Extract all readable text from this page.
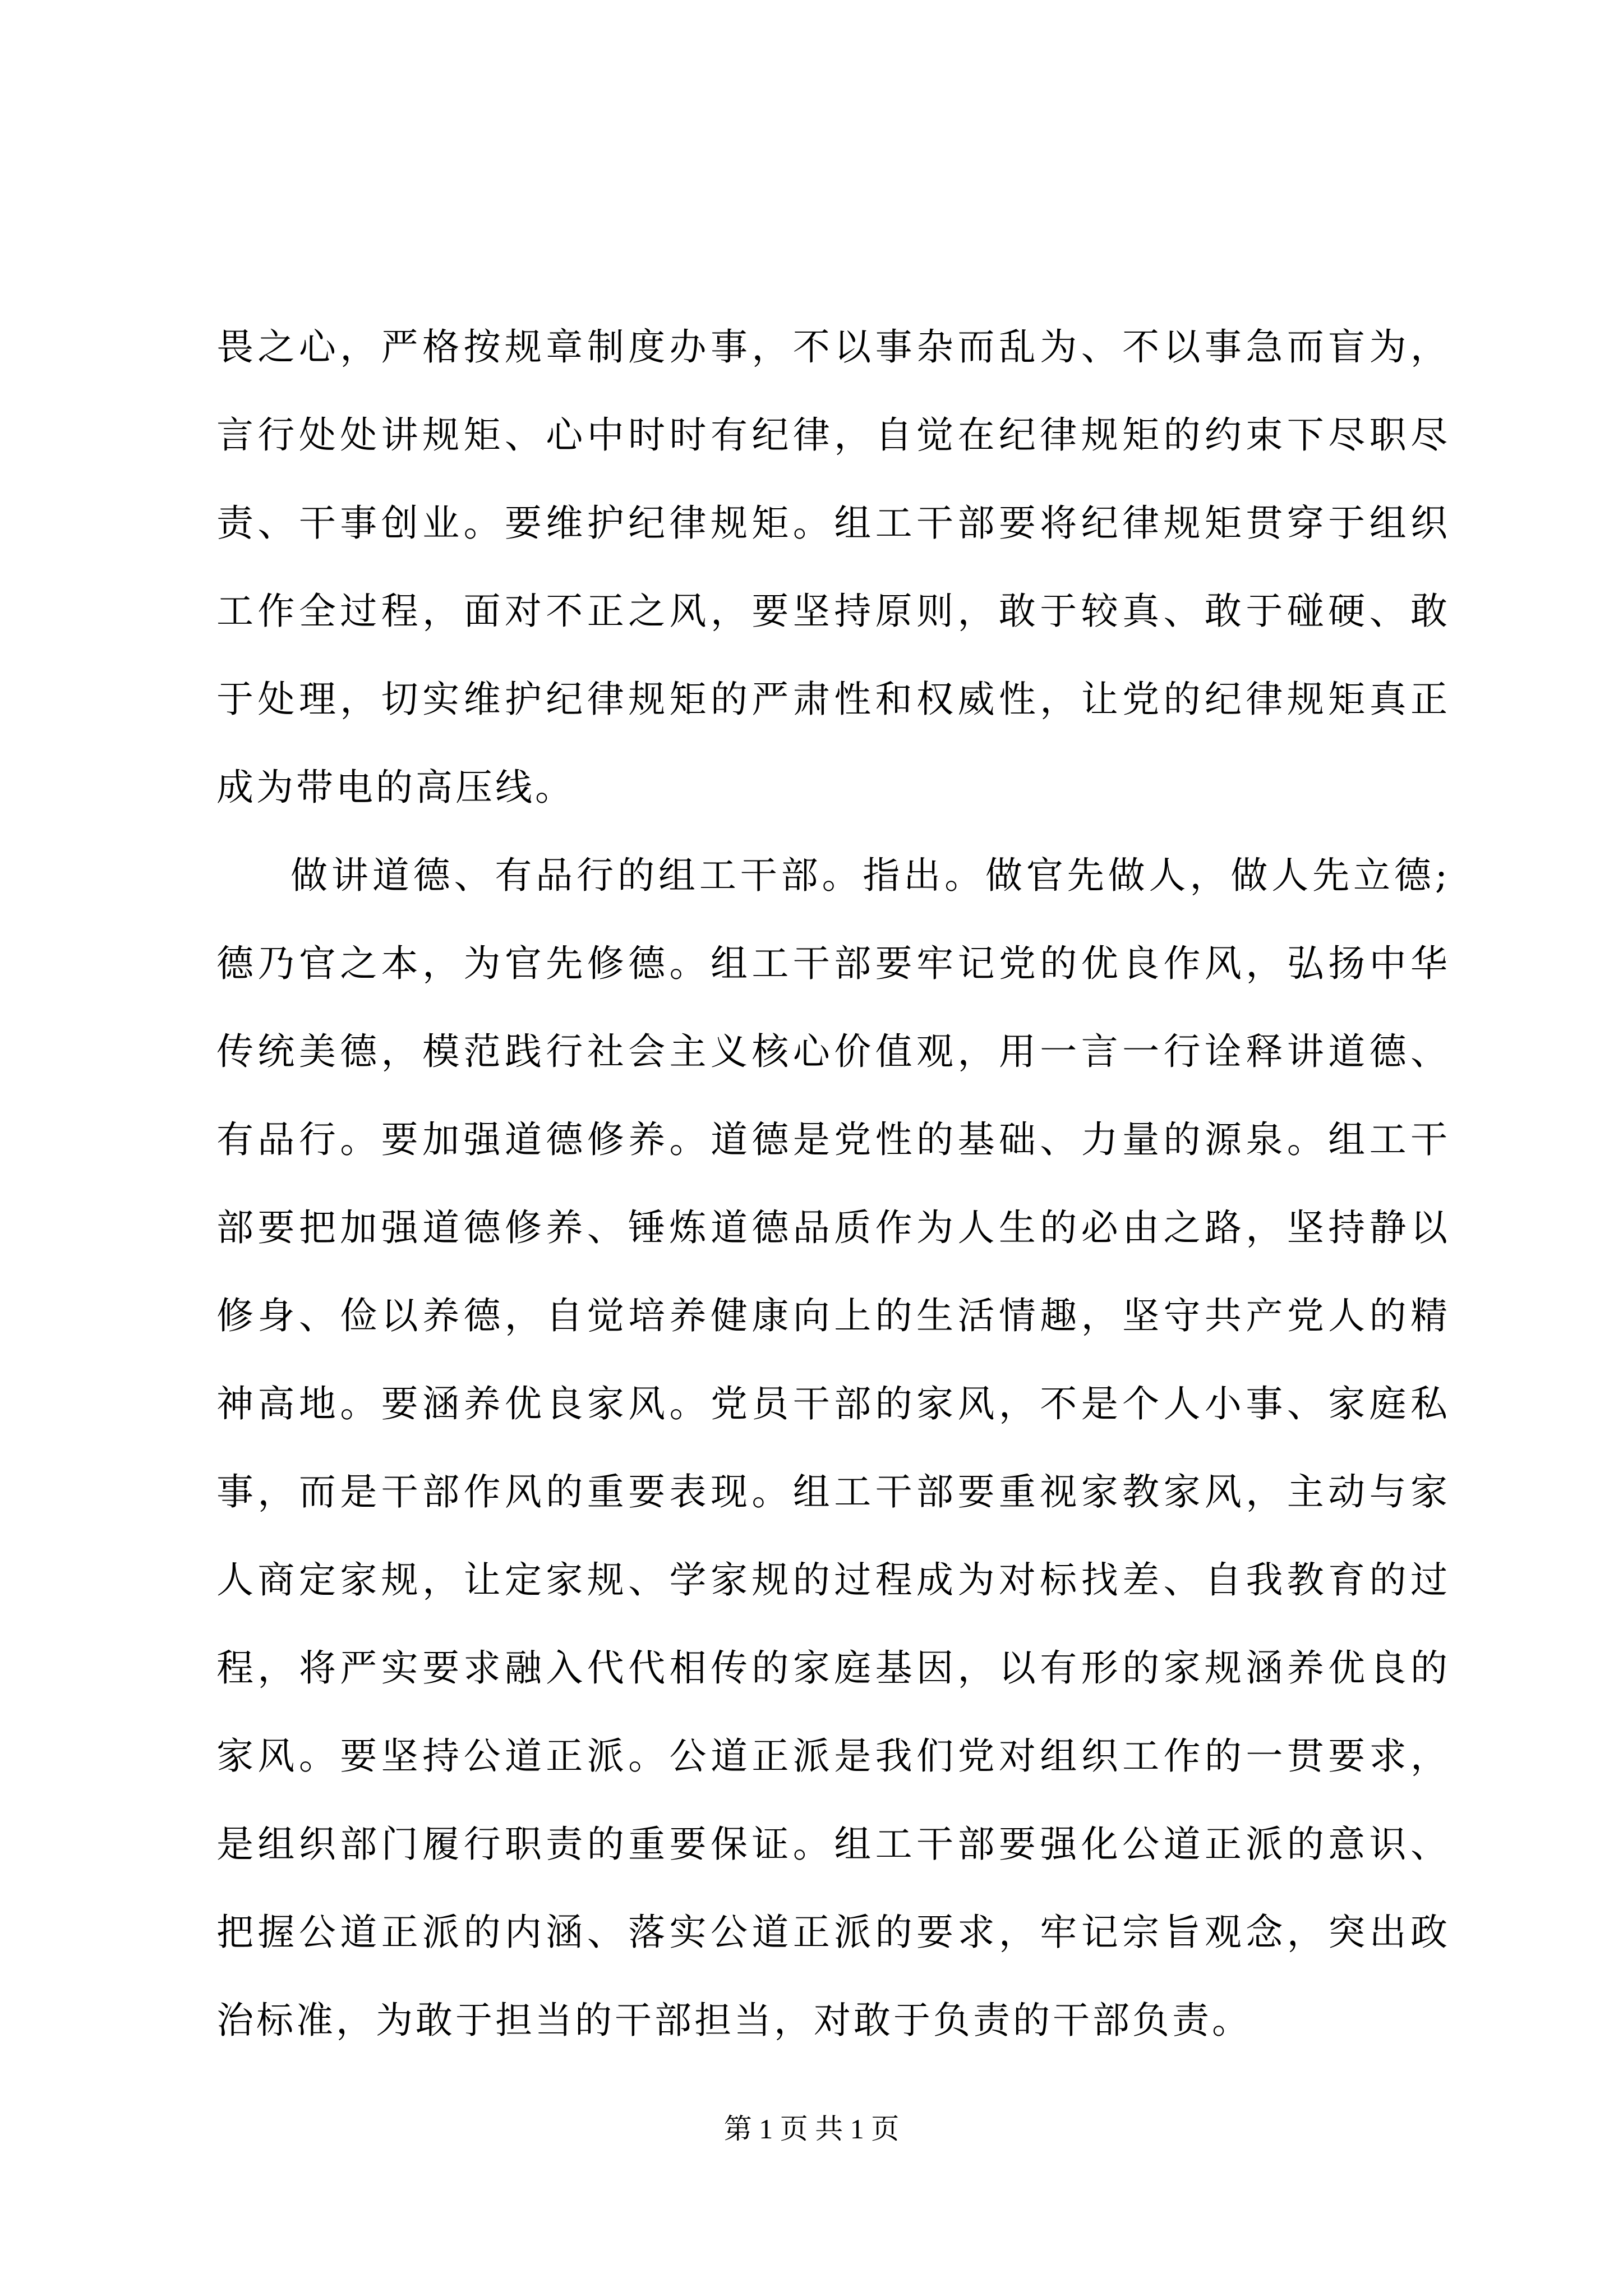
畏之心，严格按规章制度办事，不以事杂而乱为、不以事急而盲为，言行处处讲规矩、心中时时有纪律，自觉在纪律规矩的约束下尽职尽责、干事创业。要维护纪律规矩。组工干部要将纪律规矩贯穿于组织工作全过程，面对不正之风，要坚持原则，敢于较真、敢于碰硬、敢于处理，切实维护纪律规矩的严肃性和权威性，让党的纪律规矩真正成为带电的高压线。

做讲道德、有品行的组工干部。指出。做官先做人，做人先立德;德乃官之本，为官先修德。组工干部要牢记党的优良作风，弘扬中华传统美德，模范践行社会主义核心价值观，用一言一行诠释讲道德、有品行。要加强道德修养。道德是党性的基础、力量的源泉。组工干部要把加强道德修养、锤炼道德品质作为人生的必由之路，坚持静以修身、俭以养德，自觉培养健康向上的生活情趣，坚守共产党人的精神高地。要涵养优良家风。党员干部的家风，不是个人小事、家庭私事，而是干部作风的重要表现。组工干部要重视家教家风，主动与家人商定家规，让定家规、学家规的过程成为对标找差、自我教育的过程，将严实要求融入代代相传的家庭基因，以有形的家规涵养优良的家风。要坚持公道正派。公道正派是我们党对组织工作的一贯要求，是组织部门履行职责的重要保证。组工干部要强化公道正派的意识、把握公道正派的内涵、落实公道正派的要求，牢记宗旨观念，突出政治标准，为敢于担当的干部担当，对敢于负责的干部负责。

第 1 页 共 1 页
